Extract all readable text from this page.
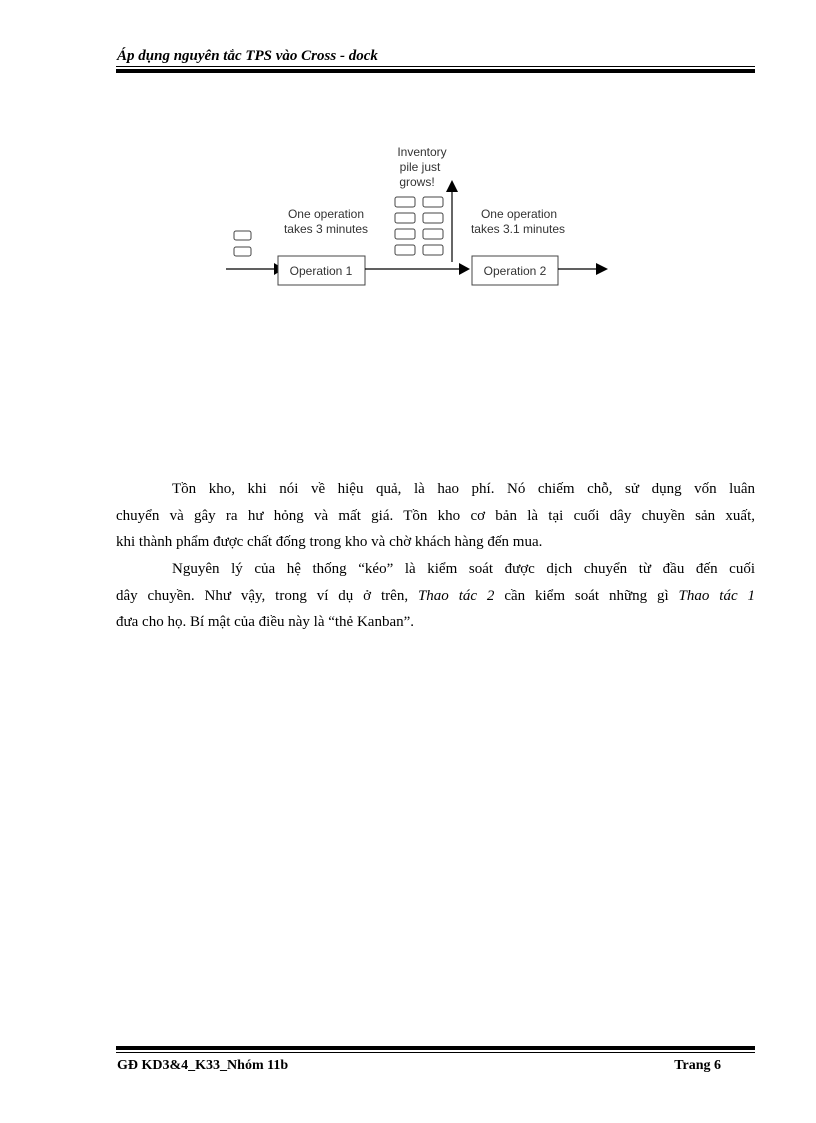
Áp dụng nguyên tắc TPS vào Cross - dock
Operation 1
One operation
takes 3 minutes
Inventory
pile just
grows!
One operation
takes 3.1 minutes
Operation 2
Tồn kho, khi nói về hiệu quả, là hao phí. Nó chiếm chỗ, sử dụng vốn luân
chuyển và gây ra hư hỏng và mất giá. Tồn kho cơ bản là tại cuối dây chuyền sản xuất,
khi thành phẩm được chất đống trong kho và chờ khách hàng đến mua.
Nguyên lý của hệ thống “kéo” là kiểm soát được dịch chuyển từ đầu đến cuối
dây chuyền. Như vậy, trong ví dụ ở trên, Thao tác 2 cần kiểm soát những gì Thao tác 1
đưa cho họ. Bí mật của điều này là “thẻ Kanban”.
GĐ KD3&4_K33_Nhóm 11b	Trang 6
